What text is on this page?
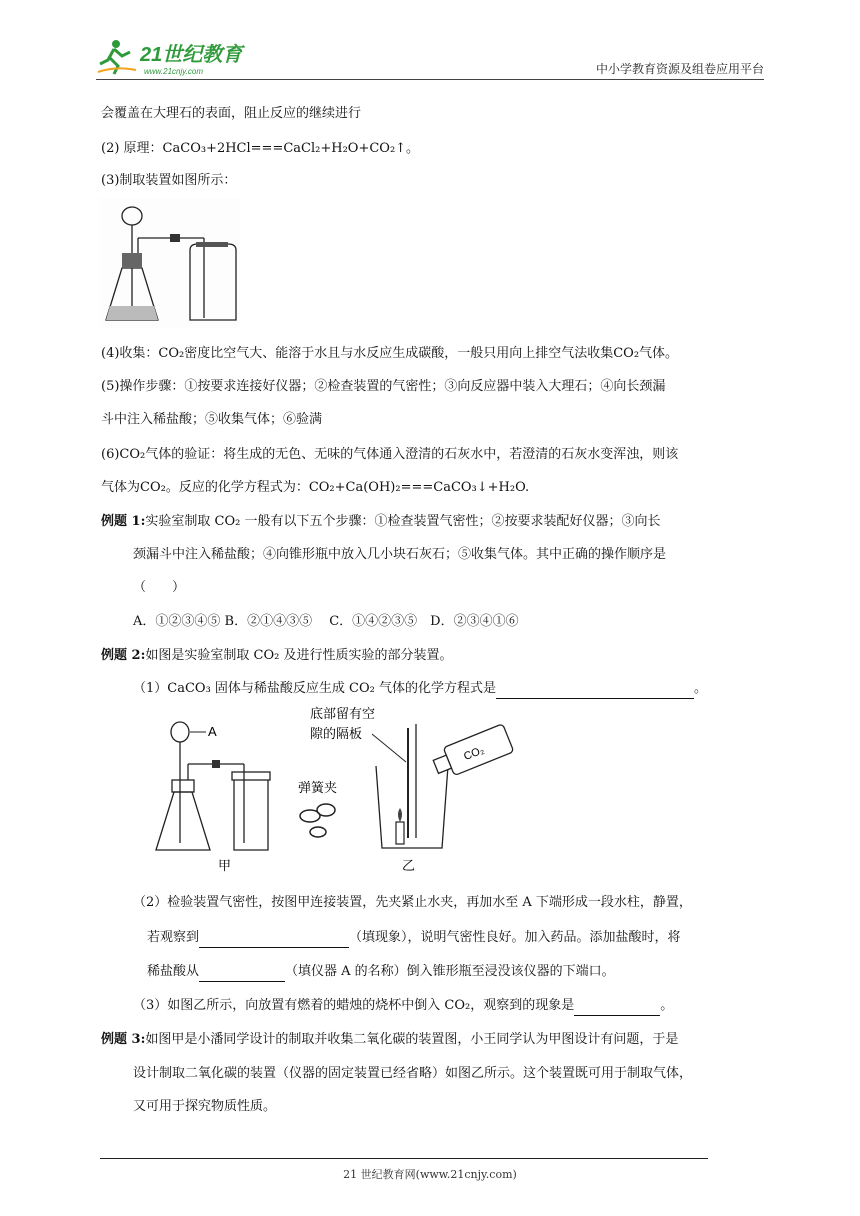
21世纪教育
www.21cnjy.com	中小学教育资源及组卷应用平台
会覆盖在大理石的表面，阻止反应的继续进行
(2) 原理：CaCO₃+2HCl===CaCl₂+H₂O+CO₂↑。
(3)制取装置如图所示：
(4)收集：CO₂密度比空气大、能溶于水且与水反应生成碳酸，一般只用向上排空气法收集CO₂气体。
(5)操作步骤：①按要求连接好仪器；②检查装置的气密性；③向反应器中装入大理石；④向长颈漏
斗中注入稀盐酸；⑤收集气体；⑥验满
(6)CO₂气体的验证：将生成的无色、无味的气体通入澄清的石灰水中，若澄清的石灰水变浑浊，则该
气体为CO₂。反应的化学方程式为：CO₂+Ca(OH)₂===CaCO₃↓+H₂O.
例题 1:实验室制取 CO₂ 一般有以下五个步骤：①检查装置气密性；②按要求装配好仪器；③向长
颈漏斗中注入稀盐酸；④向锥形瓶中放入几小块石灰石；⑤收集气体。其中正确的操作顺序是
（　　）
A．①②③④⑤ B．②①④③⑤　 C．①④②③⑤　D．②③④①⑥
例题 2:如图是实验室制取 CO₂ 及进行性质实验的部分装置。
（1）CaCO₃ 固体与稀盐酸反应生成 CO₂ 气体的化学方程式是	。
A
甲
弹簧夹
底部留有空
隙的隔板
乙
CO₂
（2）检验装置气密性，按图甲连接装置，先夹紧止水夹，再加水至 A 下端形成一段水柱，静置，
若观察到	（填现象），说明气密性良好。加入药品。添加盐酸时，将
稀盐酸从	（填仪器 A 的名称）倒入锥形瓶至浸没该仪器的下端口。
（3）如图乙所示，向放置有燃着的蜡烛的烧杯中倒入 CO₂，观察到的现象是	。
例题 3:如图甲是小潘同学设计的制取并收集二氧化碳的装置图，小王同学认为甲图设计有问题，于是
设计制取二氧化碳的装置（仪器的固定装置已经省略）如图乙所示。这个装置既可用于制取气体，
又可用于探究物质性质。
21 世纪教育网(www.21cnjy.com)
